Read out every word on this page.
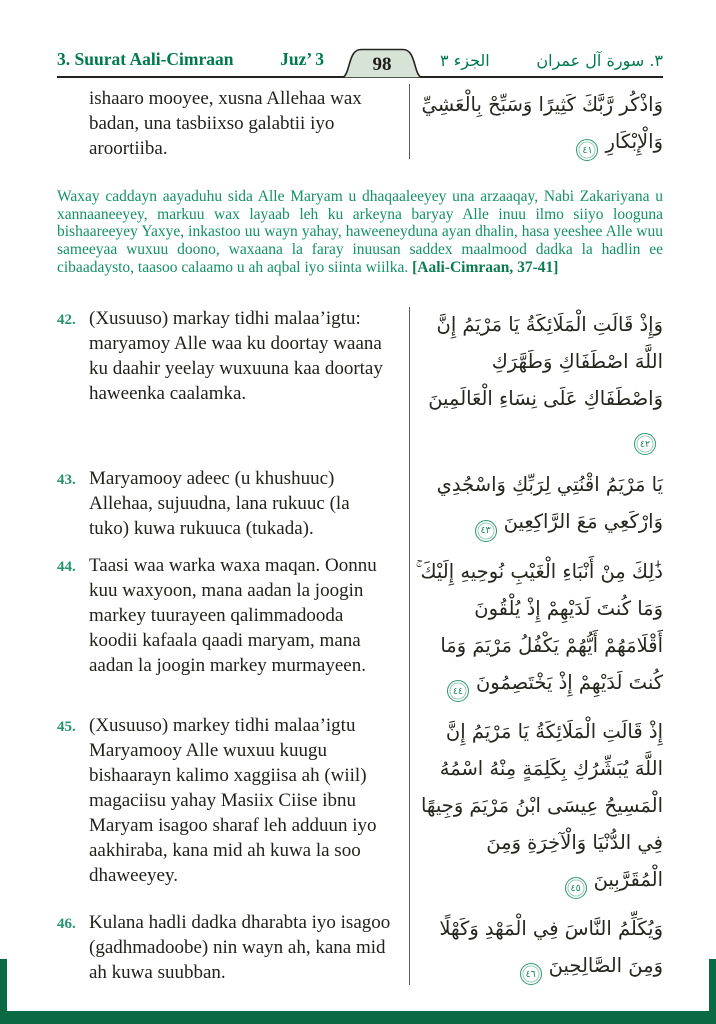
3. Suurat Aali-Cimraan	Juz’ 3	98	الجزء ٣	٣. سورة آل عمران

ishaaro mooyee, xusna Allehaa wax badan, una tasbiixso galabtii iyo aroortiiba.

وَاذْكُر رَّبَّكَ كَثِيرًا وَسَبِّحْ بِالْعَشِيِّ وَالْإِبْكَارِ
٤١

Waxay caddayn aayaduhu sida Alle Maryam u dhaqaaleeyey una arzaaqay, Nabi Zakariyana u xannaaneeyey, markuu wax layaab leh ku arkeyna baryay Alle inuu ilmo siiyo looguna bishaareeyey Yaxye, inkastoo uu wayn yahay, haweeneyduna ayan dhalin, hasa yeeshee Alle wuu sameeyaa wuxuu doono, waxaana la faray inuusan saddex maalmood dadka la hadlin ee cibaadaysto, taasoo calaamo u ah aqbal iyo siinta wiilka. [Aali-Cimraan, 37-41]

42. (Xusuuso) markay tidhi malaa’igtu: maryamoy Alle waa ku doortay waana ku daahir yeelay wuxuuna kaa doortay haweenka caalamka.

وَإِذْ قَالَتِ الْمَلَائِكَةُ يَا مَرْيَمُ إِنَّ اللَّهَ اصْطَفَاكِ وَطَهَّرَكِ وَاصْطَفَاكِ عَلَى نِسَاءِ الْعَالَمِينَ
٤٢
43. Maryamooy adeec (u khushuuc) Allehaa, sujuudna, lana rukuuc (la tuko) kuwa rukuuca (tukada).

يَا مَرْيَمُ اقْنُتِي لِرَبِّكِ وَاسْجُدِي وَارْكَعِي مَعَ الرَّاكِعِينَ
٤٣
44. Taasi waa warka waxa maqan. Oonnu kuu waxyoon, mana aadan la joogin markey tuurayeen qalimmadooda koodii kafaala qaadi maryam, mana aadan la joogin markey murmayeen.

ذَٰلِكَ مِنْ أَنْبَاءِ الْغَيْبِ نُوحِيهِ إِلَيْكَ ۚ وَمَا كُنتَ لَدَيْهِمْ إِذْ يُلْقُونَ أَقْلَامَهُمْ أَيُّهُمْ يَكْفُلُ مَرْيَمَ وَمَا كُنتَ لَدَيْهِمْ إِذْ يَخْتَصِمُونَ
٤٤
45. (Xusuuso) markey tidhi malaa’igtu Maryamooy Alle wuxuu kuugu bishaarayn kalimo xaggiisa ah (wiil) magaciisu yahay Masiix Ciise ibnu Maryam isagoo sharaf leh adduun iyo aakhiraba, kana mid ah kuwa la soo dhaweeyey.

إِذْ قَالَتِ الْمَلَائِكَةُ يَا مَرْيَمُ إِنَّ اللَّهَ يُبَشِّرُكِ بِكَلِمَةٍ مِنْهُ اسْمُهُ الْمَسِيحُ عِيسَى ابْنُ مَرْيَمَ وَجِيهًا فِي الدُّنْيَا وَالْآخِرَةِ وَمِنَ الْمُقَرَّبِينَ
٤٥
46. Kulana hadli dadka dharabta iyo isagoo (gadhmadoobe) nin wayn ah, kana mid ah kuwa suubban.

وَيُكَلِّمُ النَّاسَ فِي الْمَهْدِ وَكَهْلًا وَمِنَ الصَّالِحِينَ
٤٦
